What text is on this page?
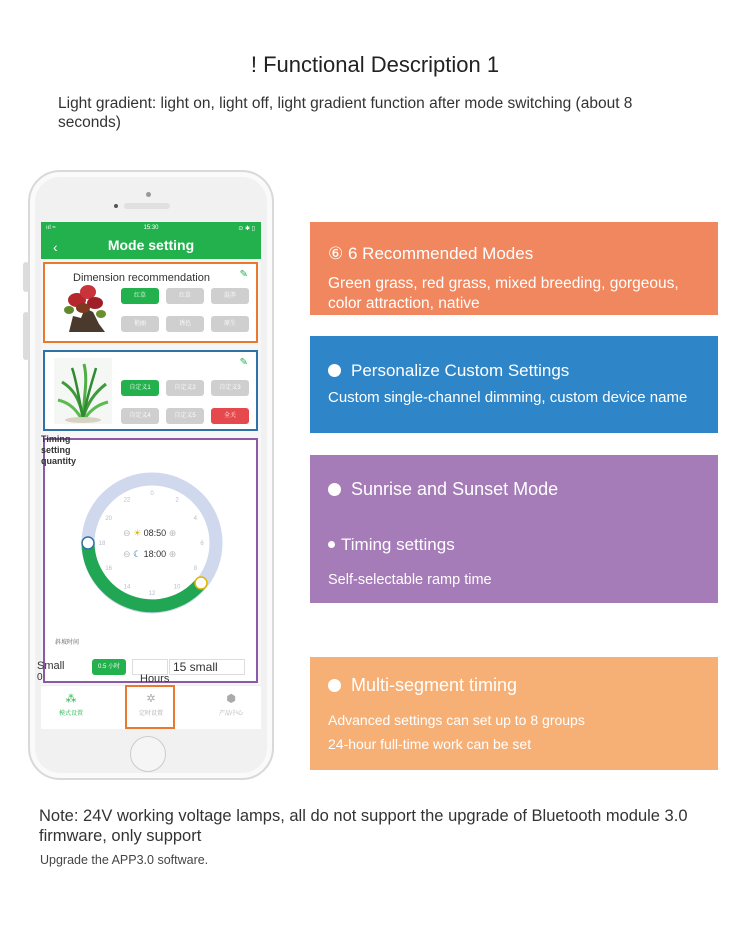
! Functional Description 1
Light gradient: light on, light off, light gradient function after mode switching (about 8 seconds)
ııl ≈	15:30	⊙ ✱ ▯
‹	Mode setting
Dimension recommendation	✎
红草	红草	混养
艳丽	诱色	原生
✎
自定义1	自定义2	自定义3
自定义4	自定义5	全关
Timing setting quantity
0
2
4
6
8
10
12
14
16
18
20
22
⊖ ☀ 08:50 ⊕
⊖ ☾ 18:00 ⊕
斜坡时间
Small
0
0.5 小时	15 small
Hours
⁂
模式设置
✲
定时设置
⬢
产品中心
⑥ 6 Recommended Modes
Green grass, red grass, mixed breeding, gorgeous, color attraction, native
Personalize Custom Settings
Custom single-channel dimming, custom device name
Sunrise and Sunset Mode
Timing settings
Self-selectable ramp time
Multi-segment timing
Advanced settings can set up to 8 groups
24-hour full-time work can be set
Note: 24V working voltage lamps, all do not support the upgrade of Bluetooth module 3.0 firmware, only support
Upgrade the APP3.0 software.
